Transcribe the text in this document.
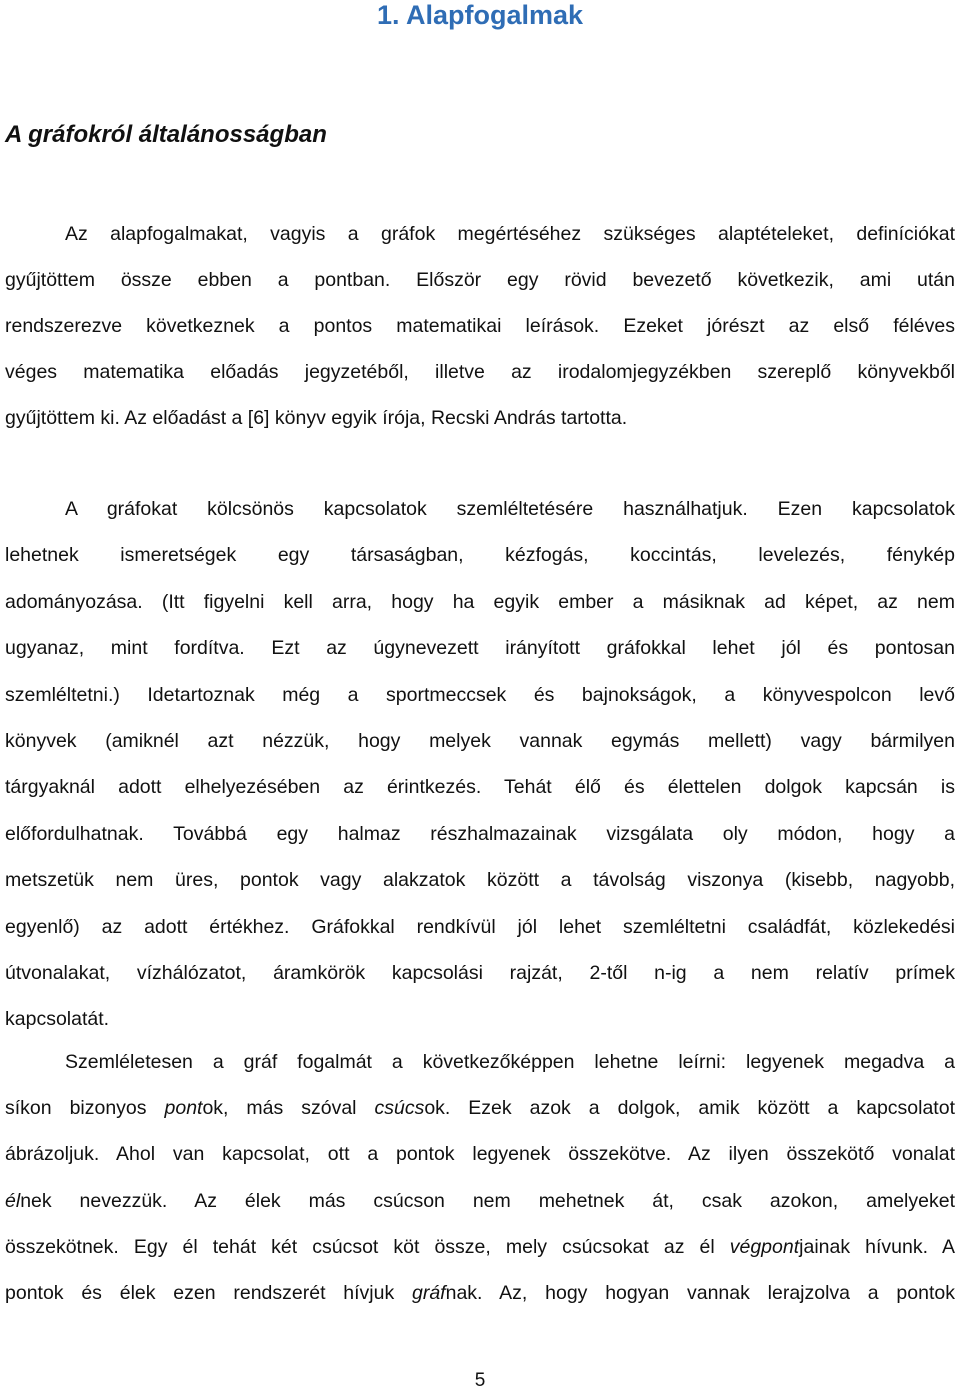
1. Alapfogalmak
A gráfokról általánosságban
Az alapfogalmakat, vagyis a gráfok megértéséhez szükséges alaptételeket, definíciókat
gyűjtöttem össze ebben a pontban. Először egy rövid bevezető következik, ami után
rendszerezve következnek a pontos matematikai leírások. Ezeket jórészt az első féléves
véges matematika előadás jegyzetéből, illetve az irodalomjegyzékben szereplő könyvekből
gyűjtöttem ki. Az előadást a [6] könyv egyik írója, Recski András tartotta.
A gráfokat kölcsönös kapcsolatok szemléltetésére használhatjuk. Ezen kapcsolatok
lehetnek ismeretségek egy társaságban, kézfogás, koccintás, levelezés, fénykép
adományozása. (Itt figyelni kell arra, hogy ha egyik ember a másiknak ad képet, az nem
ugyanaz, mint fordítva. Ezt az úgynevezett irányított gráfokkal lehet jól és pontosan
szemléltetni.) Idetartoznak még a sportmeccsek és bajnokságok, a könyvespolcon levő
könyvek (amiknél azt nézzük, hogy melyek vannak egymás mellett) vagy bármilyen
tárgyaknál adott elhelyezésében az érintkezés. Tehát élő és élettelen dolgok kapcsán is
előfordulhatnak. Továbbá egy halmaz részhalmazainak vizsgálata oly módon, hogy a
metszetük nem üres, pontok vagy alakzatok között a távolság viszonya (kisebb, nagyobb,
egyenlő) az adott értékhez. Gráfokkal rendkívül jól lehet szemléltetni családfát, közlekedési
útvonalakat, vízhálózatot, áramkörök kapcsolási rajzát, 2-től n-ig a nem relatív prímek
kapcsolatát.
Szemléletesen a gráf fogalmát a következőképpen lehetne leírni: legyenek megadva a
síkon bizonyos pontok, más szóval csúcsok. Ezek azok a dolgok, amik között a kapcsolatot
ábrázoljuk. Ahol van kapcsolat, ott a pontok legyenek összekötve. Az ilyen összekötő vonalat
élnek nevezzük. Az élek más csúcson nem mehetnek át, csak azokon, amelyeket
összekötnek. Egy él tehát két csúcsot köt össze, mely csúcsokat az él végpontjainak hívunk. A
pontok és élek ezen rendszerét hívjuk gráfnak. Az, hogy hogyan vannak lerajzolva a pontok
5
